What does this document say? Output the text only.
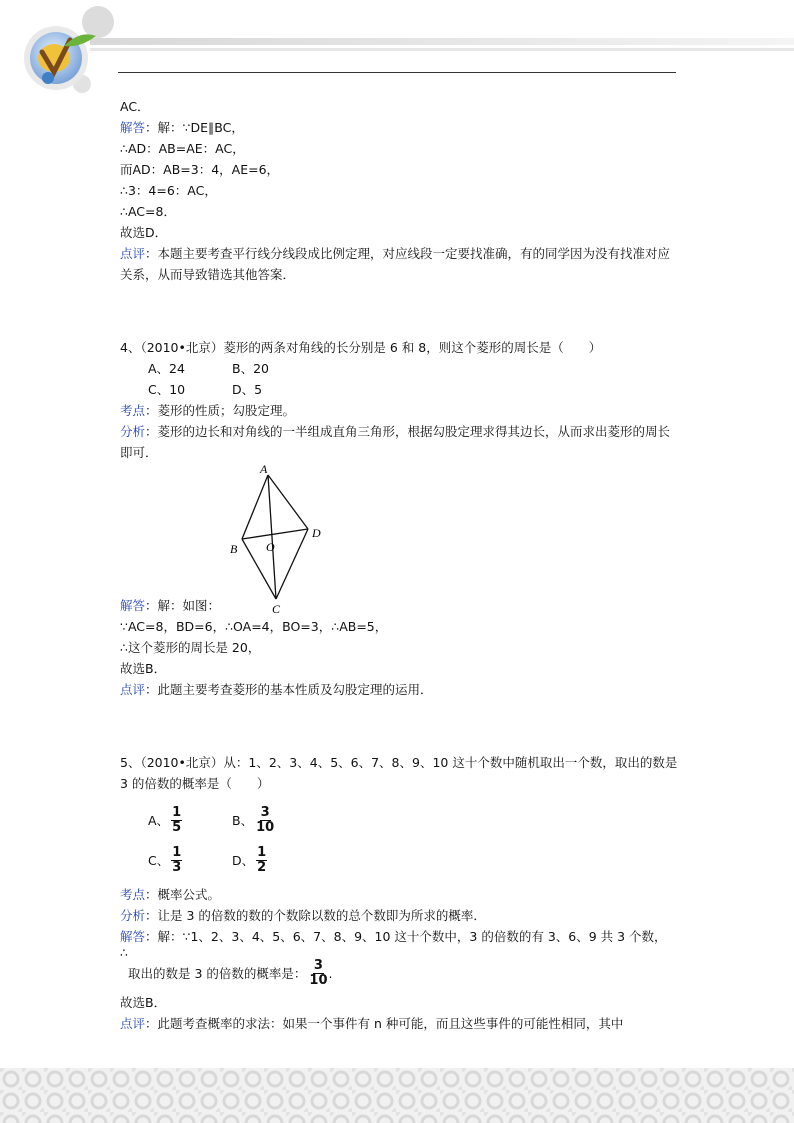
AC．
解答：解：∵DE∥BC，
∴AD：AB=AE：AC，
而AD：AB=3：4，AE=6，
∴3：4=6：AC，
∴AC=8．
故选D．
点评：本题主要考查平行线分线段成比例定理，对应线段一定要找准确，有的同学因为没有找准对应关系，从而导致错选其他答案．
4、（2010•北京）菱形的两条对角线的长分别是 6 和 8，则这个菱形的周长是（　　）
A、24	B、20
C、10	D、5
考点：菱形的性质；勾股定理。
分析：菱形的边长和对角线的一半组成直角三角形，根据勾股定理求得其边长，从而求出菱形的周长即可．
A
B
C
D
O
解答：解：如图：
∵AC=8，BD=6，∴OA=4，BO=3，∴AB=5，
∴这个菱形的周长是 20，
故选B．
点评：此题主要考查菱形的基本性质及勾股定理的运用．
5、（2010•北京）从：1、2、3、4、5、6、7、8、9、10 这十个数中随机取出一个数，取出的数是 3 的倍数的概率是（　　）
A、 $\frac{1}{5}$	B、 $\frac{3}{10}$
C、 $\frac{1}{3}$	D、 $\frac{1}{2}$
考点：概率公式。
分析：让是 3 的倍数的数的个数除以数的总个数即为所求的概率．
解答：解：∵1、2、3、4、5、6、7、8、9、10 这十个数中，3 的倍数的有 3、6、9 共 3 个数，
∴
取出的数是 3 的倍数的概率是： $\frac{3}{10}$ .
故选B．
点评：此题考查概率的求法：如果一个事件有 n 种可能，而且这些事件的可能性相同，其中
